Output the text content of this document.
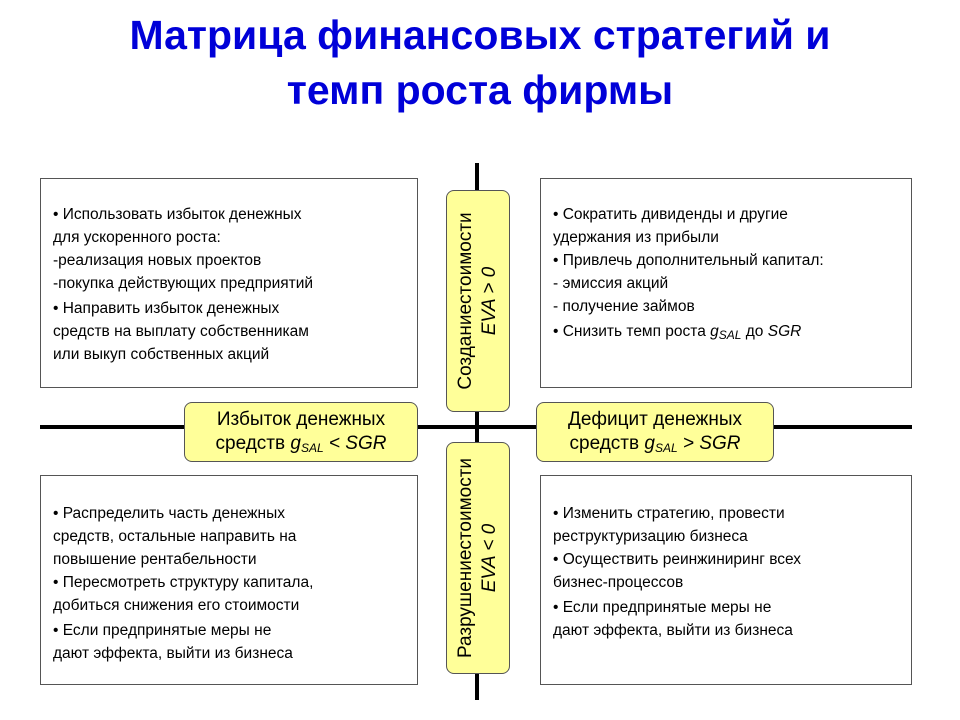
Матрица финансовых стратегий и
темп роста фирмы
• Использовать избыток денежных
для ускоренного роста:
-реализация новых проектов
-покупка действующих предприятий
• Направить избыток денежных
средств на выплату собственникам
или выкуп собственных акций
• Сократить дивиденды и другие
удержания из прибыли
• Привлечь дополнительный капитал:
- эмиссия акций
- получение займов
• Снизить темп роста $g_{SAL}$ до SGR
• Распределить часть денежных
средств, остальные направить на
повышение рентабельности
• Пересмотреть структуру капитала,
добиться снижения его стоимости
• Если предпринятые меры не
дают эффекта, выйти из бизнеса
• Изменить стратегию, провести
реструктуризацию бизнеса
• Осуществить реинжиниринг всех
бизнес-процессов
• Если предпринятые меры не
дают эффекта, выйти из бизнеса
Созданиестоимости EVA > 0
Разрушениестоимости EVA < 0
Избыток денежных
средств $g_{SAL}$ < SGR
Дефицит денежных
средств $g_{SAL}$ > SGR
